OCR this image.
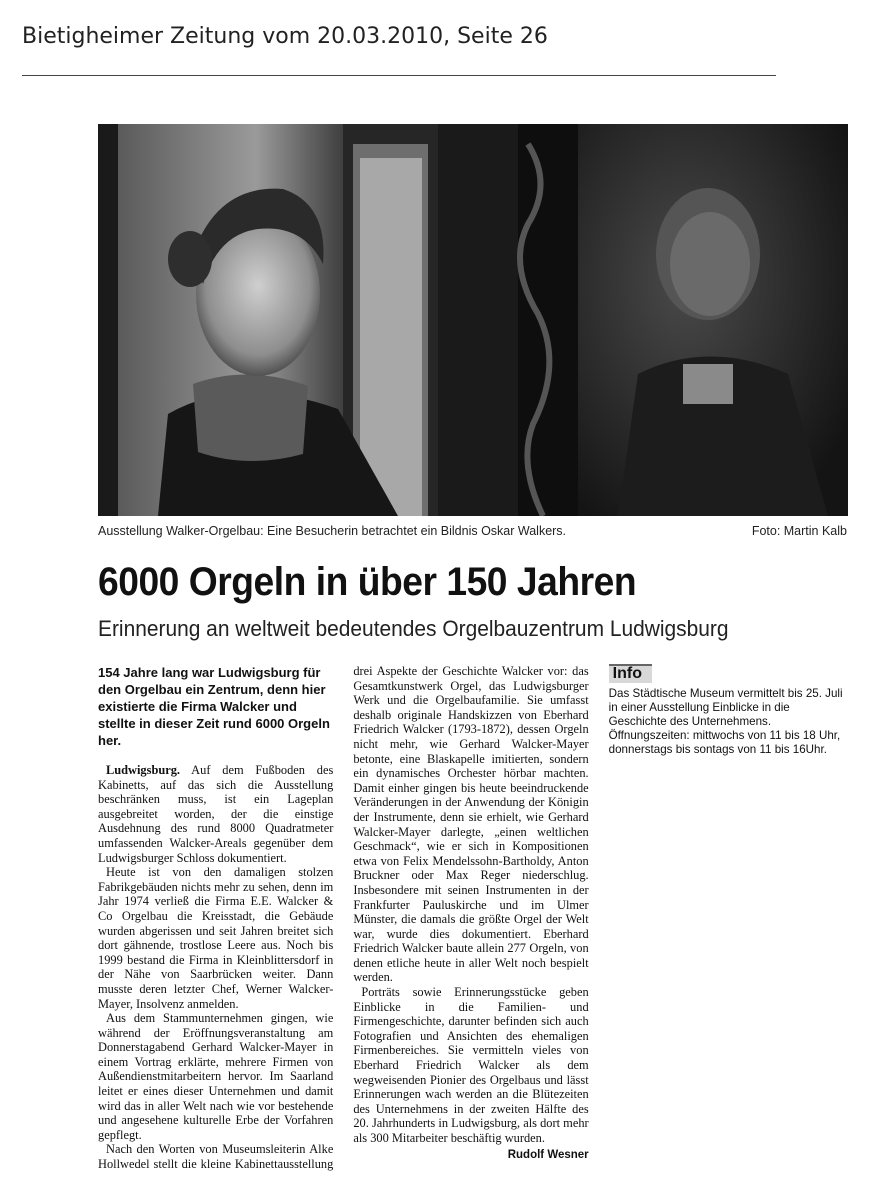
Bietigheimer Zeitung vom 20.03.2010, Seite 26
Ausstellung Walker-Orgelbau: Eine Besucherin betrachtet ein Bildnis Oskar Walkers.	Foto: Martin Kalb
6000 Orgeln in über 150 Jahren
Erinnerung an weltweit bedeutendes Orgelbauzentrum Ludwigsburg

154 Jahre lang war Ludwigsburg für den Orgelbau ein Zentrum, denn hier existierte die Firma Walcker und stellte in dieser Zeit rund 6000 Orgeln her.

Ludwigsburg. Auf dem Fußboden des Kabinetts, auf das sich die Ausstellung beschränken muss, ist ein Lageplan ausgebreitet worden, der die einstige Ausdehnung des rund 8000 Quadratmeter umfassenden Walcker-Areals gegenüber dem Ludwigsburger Schloss dokumentiert.

Heute ist von den damaligen stolzen Fabrikgebäuden nichts mehr zu sehen, denn im Jahr 1974 verließ die Firma E.E. Walcker & Co Orgelbau die Kreisstadt, die Gebäude wurden abgerissen und seit Jahren breitet sich dort gähnende, trostlose Leere aus. Noch bis 1999 bestand die Firma in Kleinblittersdorf in der Nähe von Saarbrücken weiter. Dann musste deren letzter Chef, Werner Walcker-Mayer, Insolvenz anmelden.

Aus dem Stammunternehmen gingen, wie während der Eröffnungsveranstaltung am Donnerstagabend Gerhard Walcker-Mayer in einem Vortrag erklärte, mehrere Firmen von Außendienstmitarbeitern hervor. Im Saarland leitet er eines dieser Unternehmen und damit wird das in aller Welt nach wie vor bestehende und angesehene kulturelle Erbe der Vorfahren gepflegt.

Nach den Worten von Museumsleiterin Alke Hollwedel stellt die kleine Kabinettausstellung drei Aspekte der Geschichte Walcker vor: das Gesamtkunstwerk Orgel, das Ludwigsburger Werk und die Orgelbaufamilie. Sie umfasst deshalb originale Handskizzen von Eberhard Friedrich Walcker (1793-1872), dessen Orgeln nicht mehr, wie Gerhard Walcker-Mayer betonte, eine Blaskapelle imitierten, sondern ein dynamisches Orchester hörbar machten. Damit einher gingen bis heute beeindruckende Veränderungen in der Anwendung der Königin der Instrumente, denn sie erhielt, wie Gerhard Walcker-Mayer darlegte, „einen weltlichen Geschmack“, wie er sich in Kompositionen etwa von Felix Mendelssohn-Bartholdy, Anton Bruckner oder Max Reger niederschlug. Insbesondere mit seinen Instrumenten in der Frankfurter Pauluskirche und im Ulmer Münster, die damals die größte Orgel der Welt war, wurde dies dokumentiert. Eberhard Friedrich Walcker baute allein 277 Orgeln, von denen etliche heute in aller Welt noch bespielt werden.

Porträts sowie Erinnerungsstücke geben Einblicke in die Familien- und Firmengeschichte, darunter befinden sich auch Fotografien und Ansichten des ehemaligen Firmenbereiches. Sie vermitteln vieles von Eberhard Friedrich Walcker als dem wegweisenden Pionier des Orgelbaus und lässt Erinnerungen wach werden an die Blütezeiten des Unternehmens in der zweiten Hälfte des 20. Jahrhunderts in Ludwigsburg, als dort mehr als 300 Mitarbeiter beschäftig wurden.

Rudolf Wesner

Info

Das Städtische Museum vermittelt bis 25. Juli in einer Ausstellung Einblicke in die Geschichte des Unternehmens. Öffnungszeiten: mittwochs von 11 bis 18 Uhr, donnerstags bis sontags von 11 bis 16Uhr.
